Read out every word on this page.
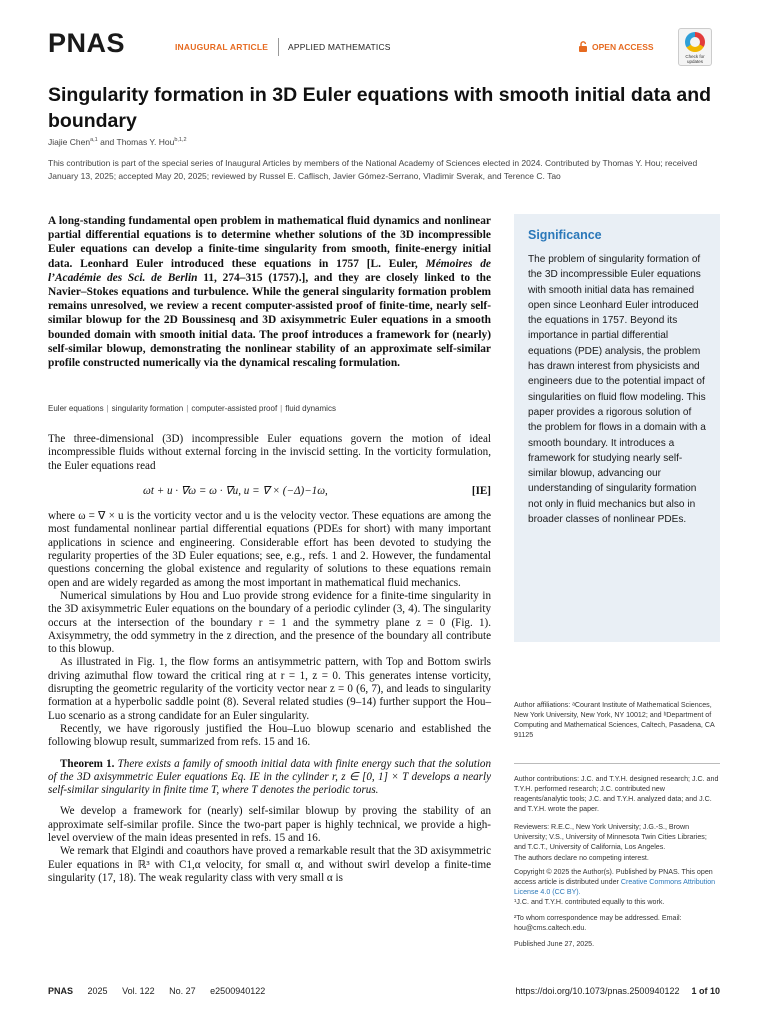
PNAS	INAUGURAL ARTICLE APPLIED MATHEMATICS	OPEN ACCESS
Check for updates
Singularity formation in 3D Euler equations with smooth initial data and boundary
Jiajie Chen$^{a,1}$ and Thomas Y. Hou$^{b,1,2}$
This contribution is part of the special series of Inaugural Articles by members of the National Academy of Sciences elected in 2024. Contributed by Thomas Y. Hou; received January 13, 2025; accepted May 20, 2025; reviewed by Russel E. Caflisch, Javier Gómez-Serrano, Vladimir Sverak, and Terence C. Tao
A long-standing fundamental open problem in mathematical fluid dynamics and nonlinear partial differential equations is to determine whether solutions of the 3D incompressible Euler equations can develop a finite-time singularity from smooth, finite-energy initial data. Leonhard Euler introduced these equations in 1757 [L. Euler, Mémoires de l’Académie des Sci. de Berlin 11, 274–315 (1757).], and they are closely linked to the Navier–Stokes equations and turbulence. While the general singularity formation problem remains unresolved, we review a recent computer-assisted proof of finite-time, nearly self-similar blowup for the 2D Boussinesq and 3D axisymmetric Euler equations in a smooth bounded domain with smooth initial data. The proof introduces a framework for (nearly) self-similar blowup, demonstrating the nonlinear stability of an approximate self-similar profile constructed numerically via the dynamical rescaling formulation.
Euler equations | singularity formation | computer-assisted proof | fluid dynamics

The three-dimensional (3D) incompressible Euler equations govern the motion of ideal incompressible fluids without external forcing in the inviscid setting. In the vorticity formulation, the Euler equations read

ωt + u · ∇ω = ω · ∇u, u = ∇ × (−Δ)−1ω,	[IE]

where ω = ∇ × u is the vorticity vector and u is the velocity vector. These equations are among the most fundamental nonlinear partial differential equations (PDEs for short) with many important applications in science and engineering. Considerable effort has been devoted to studying the regularity properties of the 3D Euler equations; see, e.g., refs. 1 and 2. However, the fundamental questions concerning the global existence and regularity of solutions to these equations remain open and are widely regarded as among the most important in mathematical fluid mechanics.

Numerical simulations by Hou and Luo provide strong evidence for a finite-time singularity in the 3D axisymmetric Euler equations on the boundary of a periodic cylinder (3, 4). The singularity occurs at the intersection of the boundary r = 1 and the symmetry plane z = 0 (Fig. 1). Axisymmetry, the odd symmetry in the z direction, and the presence of the boundary all contribute to this blowup.

As illustrated in Fig. 1, the flow forms an antisymmetric pattern, with Top and Bottom swirls driving azimuthal flow toward the critical ring at r = 1, z = 0. This generates intense vorticity, disrupting the geometric regularity of the vorticity vector near z = 0 (6, 7), and leads to singularity formation at a hyperbolic saddle point (8). Several related studies (9–14) further support the Hou–Luo scenario as a strong candidate for an Euler singularity.

Recently, we have rigorously justified the Hou–Luo blowup scenario and established the following blowup result, summarized from refs. 15 and 16.

Theorem 1. There exists a family of smooth initial data with finite energy such that the solution of the 3D axisymmetric Euler equations Eq. IE in the cylinder r, z ∈ [0, 1] × T develops a nearly self-similar singularity in finite time T, where T denotes the periodic torus.

We develop a framework for (nearly) self-similar blowup by proving the stability of an approximate self-similar profile. Since the two-part paper is highly technical, we provide a high-level overview of the main ideas presented in refs. 15 and 16.

We remark that Elgindi and coauthors have proved a remarkable result that the 3D axisymmetric Euler equations in ℝ³ with C1,α velocity, for small α, and without swirl develop a finite-time singularity (17, 18). The weak regularity class with very small α is

Significance
The problem of singularity formation of the 3D incompressible Euler equations with smooth initial data has remained open since Leonhard Euler introduced the equations in 1757. Beyond its importance in partial differential equations (PDE) analysis, the problem has drawn interest from physicists and engineers due to the potential impact of singularities on fluid flow modeling. This paper provides a rigorous solution of the problem for flows in a domain with a smooth boundary. It introduces a framework for studying nearly self-similar blowup, advancing our understanding of singularity formation not only in fluid mechanics but also in broader classes of nonlinear PDEs.
Author affiliations: ᵃCourant Institute of Mathematical Sciences, New York University, New York, NY 10012; and ᵇDepartment of Computing and Mathematical Sciences, Caltech, Pasadena, CA 91125
Author contributions: J.C. and T.Y.H. designed research; J.C. and T.Y.H. performed research; J.C. contributed new reagents/analytic tools; J.C. and T.Y.H. analyzed data; and J.C. and T.Y.H. wrote the paper.
Reviewers: R.E.C., New York University; J.G.-S., Brown University; V.S., University of Minnesota Twin Cities Libraries; and T.C.T., University of California, Los Angeles.
The authors declare no competing interest.
Copyright © 2025 the Author(s). Published by PNAS. This open access article is distributed under Creative Commons Attribution License 4.0 (CC BY).
¹J.C. and T.Y.H. contributed equally to this work.
²To whom correspondence may be addressed. Email: hou@cms.caltech.edu.
Published June 27, 2025.
PNAS 2025 Vol. 122 No. 27 e2500940122	https://doi.org/10.1073/pnas.2500940122 1 of 10
